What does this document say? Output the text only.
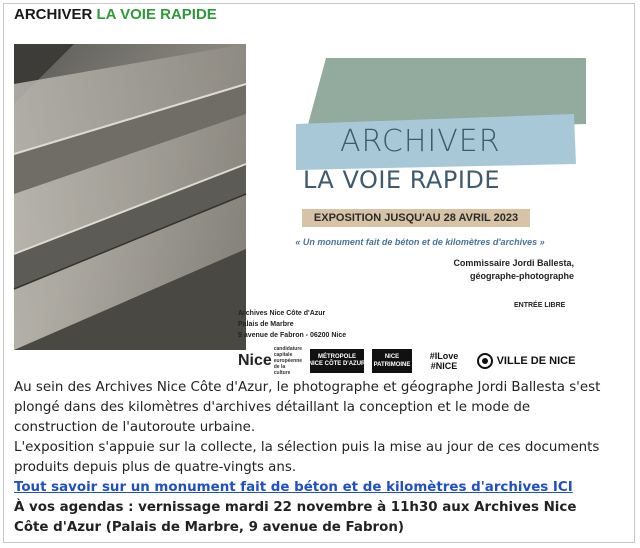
ARCHIVER LA VOIE RAPIDE
ARCHIVER
LA VOIE RAPIDE
EXPOSITION JUSQU'AU 28 AVRIL 2023
« Un monument fait de béton et de kilomètres d'archives »
Commissaire Jordi Ballesta,
géographe-photographe
ENTRÉE LIBRE
Archives Nice Côte d'Azur
Palais de Marbre
9 avenue de Fabron - 06200 Nice
Nice
candidature capitale européenne de la culture
MÉTROPOLE
NICE CÔTE D'AZUR
NICE
PATRIMOINE
#ILove
#NICE	VILLE DE NICE

Au sein des Archives Nice Côte d'Azur, le photographe et géographe Jordi Ballesta s'est plongé dans des kilomètres d'archives détaillant la conception et le mode de construction de l'autoroute urbaine.

L'exposition s'appuie sur la collecte, la sélection puis la mise au jour de ces documents produits depuis plus de quatre-vingts ans.

Tout savoir sur un monument fait de béton et de kilomètres d'archives ICI

À vos agendas : vernissage mardi 22 novembre à 11h30 aux Archives Nice Côte d'Azur (Palais de Marbre, 9 avenue de Fabron)
